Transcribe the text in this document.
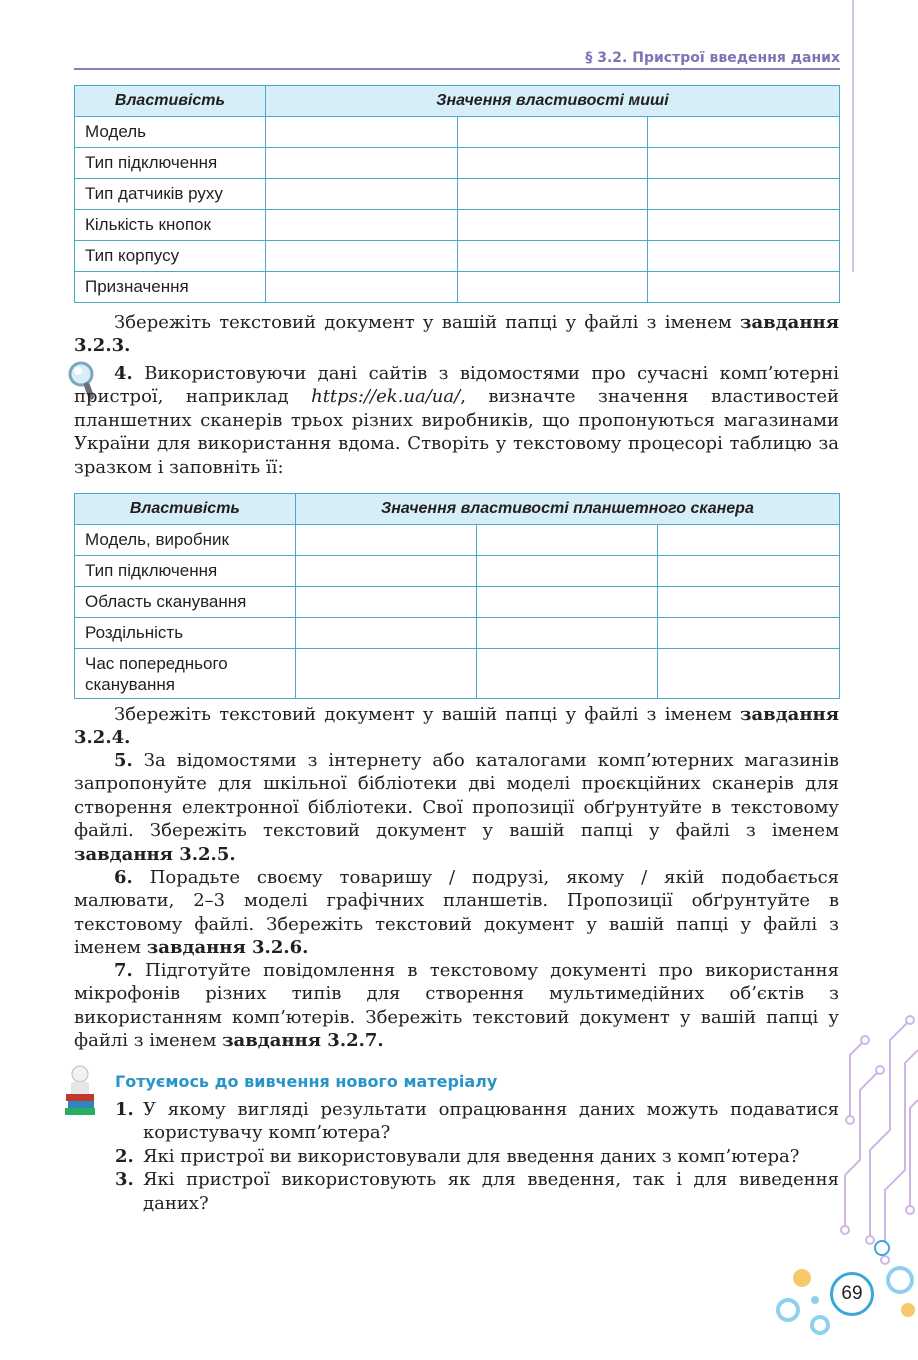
§ 3.2. Пристрої введення даних
Властивість	Значення властивості миші		
Модель			
Тип підключення			
Тип датчиків руху			
Кількість кнопок			
Тип корпусу			
Призначення			
Збережіть текстовий документ у вашій папці у файлі з іменем завдання 3.2.3.
4. Використовуючи дані сайтів з відомостями про сучасні комп’ютерні пристрої, наприклад https://ek.ua/ua/, визначте значення властивостей планшетних сканерів трьох різних виробників, що пропонуються магазинами України для використання вдома. Створіть у текстовому процесорі таблицю за зразком і заповніть її:
Властивість	Значення властивості планшетного сканера		
Модель, виробник			
Тип підключення			
Область сканування			
Роздільність			
Час попереднього сканування			
Збережіть текстовий документ у вашій папці у файлі з іменем завдання 3.2.4.
5. За відомостями з інтернету або каталогами комп’ютерних магазинів запропонуйте для шкільної бібліотеки дві моделі проєкційних сканерів для створення електронної бібліотеки. Свої пропозиції обґрунтуйте в текстовому файлі. Збережіть текстовий документ у вашій папці у файлі з іменем завдання 3.2.5.
6. Порадьте своєму товаришу / подрузі, якому / якій подобається малювати, 2–3 моделі графічних планшетів. Пропозиції обґрунтуйте в текстовому файлі. Збережіть текстовий документ у вашій папці у файлі з іменем завдання 3.2.6.
7. Підготуйте повідомлення в текстовому документі про використання мікрофонів різних типів для створення мультимедійних об’єктів з використанням комп’ютерів. Збережіть текстовий документ у вашій папці у файлі з іменем завдання 3.2.7.
Готуємось до вивчення нового матеріалу
1. У якому вигляді результати опрацювання даних можуть подаватися користувачу комп’ютера?
2. Які пристрої ви використовували для введення даних з комп’ютера?
3. Які пристрої використовують як для введення, так і для виведення даних?
69
